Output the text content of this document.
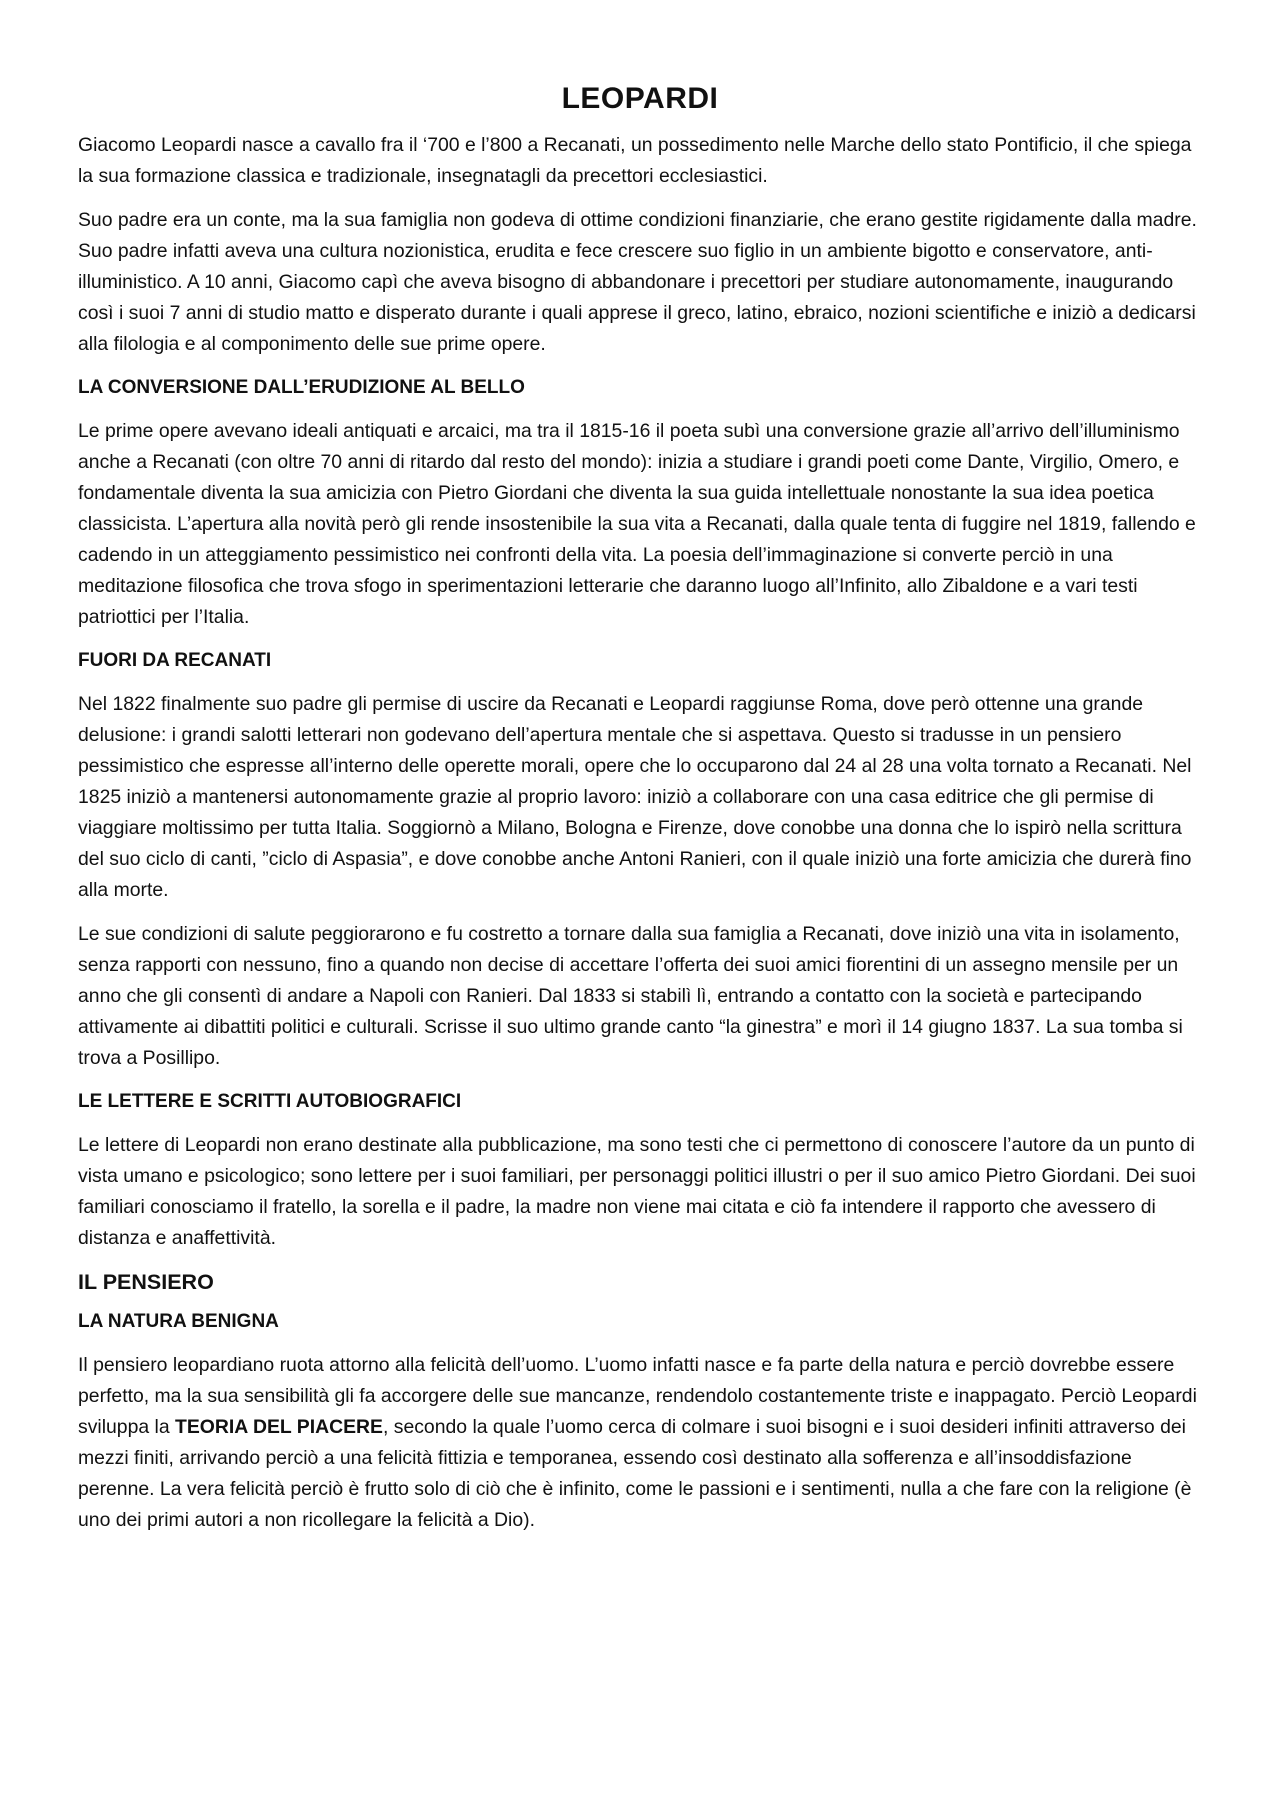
LEOPARDI

Giacomo Leopardi nasce a cavallo fra il ‘700 e l’800 a Recanati, un possedimento nelle Marche dello stato Pontificio, il che spiega la sua formazione classica e tradizionale, insegnatagli da precettori ecclesiastici.

Suo padre era un conte, ma la sua famiglia non godeva di ottime condizioni finanziarie, che erano gestite rigidamente dalla madre. Suo padre infatti aveva una cultura nozionistica, erudita e fece crescere suo figlio in un ambiente bigotto e conservatore, anti-illuministico. A 10 anni, Giacomo capì che aveva bisogno di abbandonare i precettori per studiare autonomamente, inaugurando così i suoi 7 anni di studio matto e disperato durante i quali apprese il greco, latino, ebraico, nozioni scientifiche e iniziò a dedicarsi alla filologia e al componimento delle sue prime opere.

LA CONVERSIONE DALL’ERUDIZIONE AL BELLO

Le prime opere avevano ideali antiquati e arcaici, ma tra il 1815-16 il poeta subì una conversione grazie all’arrivo dell’illuminismo anche a Recanati (con oltre 70 anni di ritardo dal resto del mondo): inizia a studiare i grandi poeti come Dante, Virgilio, Omero, e fondamentale diventa la sua amicizia con Pietro Giordani che diventa la sua guida intellettuale nonostante la sua idea poetica classicista. L’apertura alla novità però gli rende insostenibile la sua vita a Recanati, dalla quale tenta di fuggire nel 1819, fallendo e cadendo in un atteggiamento pessimistico nei confronti della vita. La poesia dell’immaginazione si converte perciò in una meditazione filosofica che trova sfogo in sperimentazioni letterarie che daranno luogo all’Infinito, allo Zibaldone e a vari testi patriottici per l’Italia.

FUORI DA RECANATI

Nel 1822 finalmente suo padre gli permise di uscire da Recanati e Leopardi raggiunse Roma, dove però ottenne una grande delusione: i grandi salotti letterari non godevano dell’apertura mentale che si aspettava. Questo si tradusse in un pensiero pessimistico che espresse all’interno delle operette morali, opere che lo occuparono dal 24 al 28 una volta tornato a Recanati. Nel 1825 iniziò a mantenersi autonomamente grazie al proprio lavoro: iniziò a collaborare con una casa editrice che gli permise di viaggiare moltissimo per tutta Italia. Soggiornò a Milano, Bologna e Firenze, dove conobbe una donna che lo ispirò nella scrittura del suo ciclo di canti, ”ciclo di Aspasia”, e dove conobbe anche Antoni Ranieri, con il quale iniziò una forte amicizia che durerà fino alla morte.

Le sue condizioni di salute peggiorarono e fu costretto a tornare dalla sua famiglia a Recanati, dove iniziò una vita in isolamento, senza rapporti con nessuno, fino a quando non decise di accettare l’offerta dei suoi amici fiorentini di un assegno mensile per un anno che gli consentì di andare a Napoli con Ranieri. Dal 1833 si stabilì lì, entrando a contatto con la società e partecipando attivamente ai dibattiti politici e culturali. Scrisse il suo ultimo grande canto “la ginestra” e morì il 14 giugno 1837. La sua tomba si trova a Posillipo.

LE LETTERE E SCRITTI AUTOBIOGRAFICI

Le lettere di Leopardi non erano destinate alla pubblicazione, ma sono testi che ci permettono di conoscere l’autore da un punto di vista umano e psicologico; sono lettere per i suoi familiari, per personaggi politici illustri o per il suo amico Pietro Giordani. Dei suoi familiari conosciamo il fratello, la sorella e il padre, la madre non viene mai citata e ciò fa intendere il rapporto che avessero di distanza e anaffettività.

IL PENSIERO
LA NATURA BENIGNA

Il pensiero leopardiano ruota attorno alla felicità dell’uomo. L’uomo infatti nasce e fa parte della natura e perciò dovrebbe essere perfetto, ma la sua sensibilità gli fa accorgere delle sue mancanze, rendendolo costantemente triste e inappagato. Perciò Leopardi sviluppa la TEORIA DEL PIACERE, secondo la quale l’uomo cerca di colmare i suoi bisogni e i suoi desideri infiniti attraverso dei mezzi finiti, arrivando perciò a una felicità fittizia e temporanea, essendo così destinato alla sofferenza e all’insoddisfazione perenne. La vera felicità perciò è frutto solo di ciò che è infinito, come le passioni e i sentimenti, nulla a che fare con la religione (è uno dei primi autori a non ricollegare la felicità a Dio).
